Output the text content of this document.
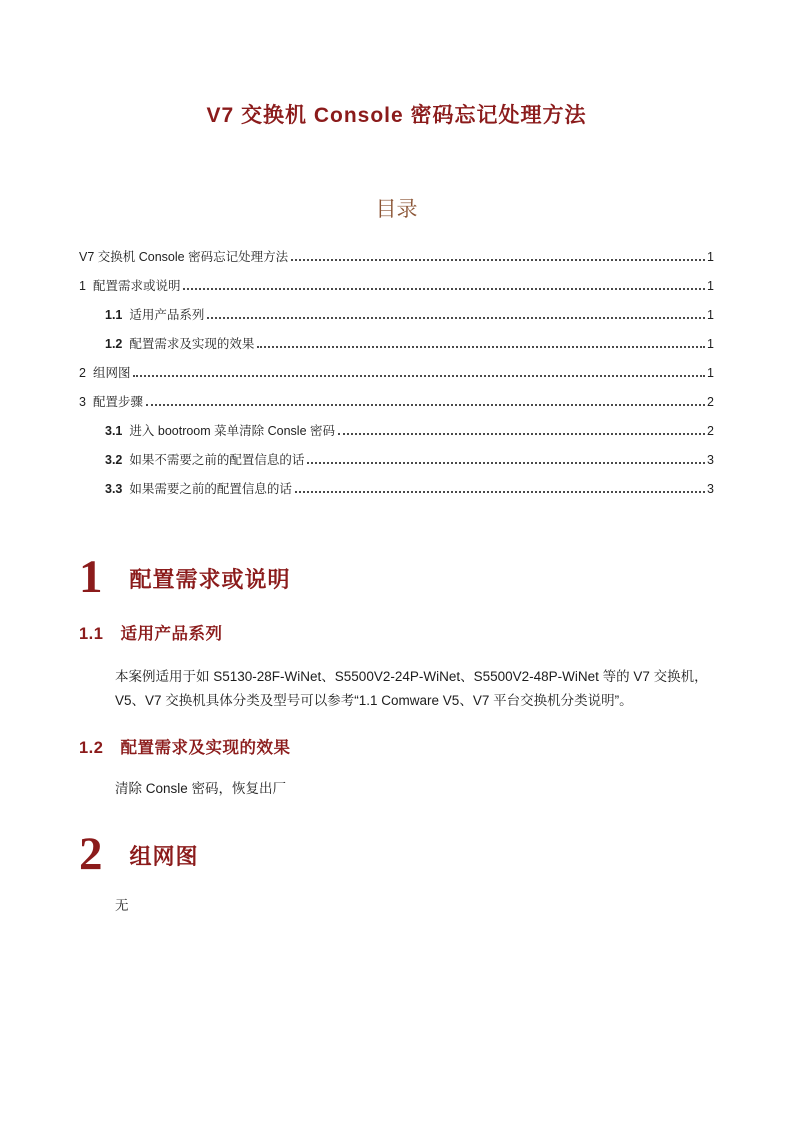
V7 交换机 Console 密码忘记处理方法
目录
V7 交换机 Console 密码忘记处理方法	1
1 配置需求或说明	1
1.1 适用产品系列	1
1.2 配置需求及实现的效果	1
2 组网图	1
3 配置步骤	2
3.1 进入 bootroom 菜单清除 Consle 密码	2
3.2 如果不需要之前的配置信息的话	3
3.3 如果需要之前的配置信息的话	3
1 配置需求或说明
1.1 适用产品系列

本案例适用于如 S5130-28F-WiNet、S5500V2-24P-WiNet、S5500V2-48P-WiNet 等的 V7 交换机，V5、V7 交换机具体分类及型号可以参考“1.1 Comware V5、V7 平台交换机分类说明”。

1.2 配置需求及实现的效果

清除 Consle 密码，恢复出厂

2 组网图

无
